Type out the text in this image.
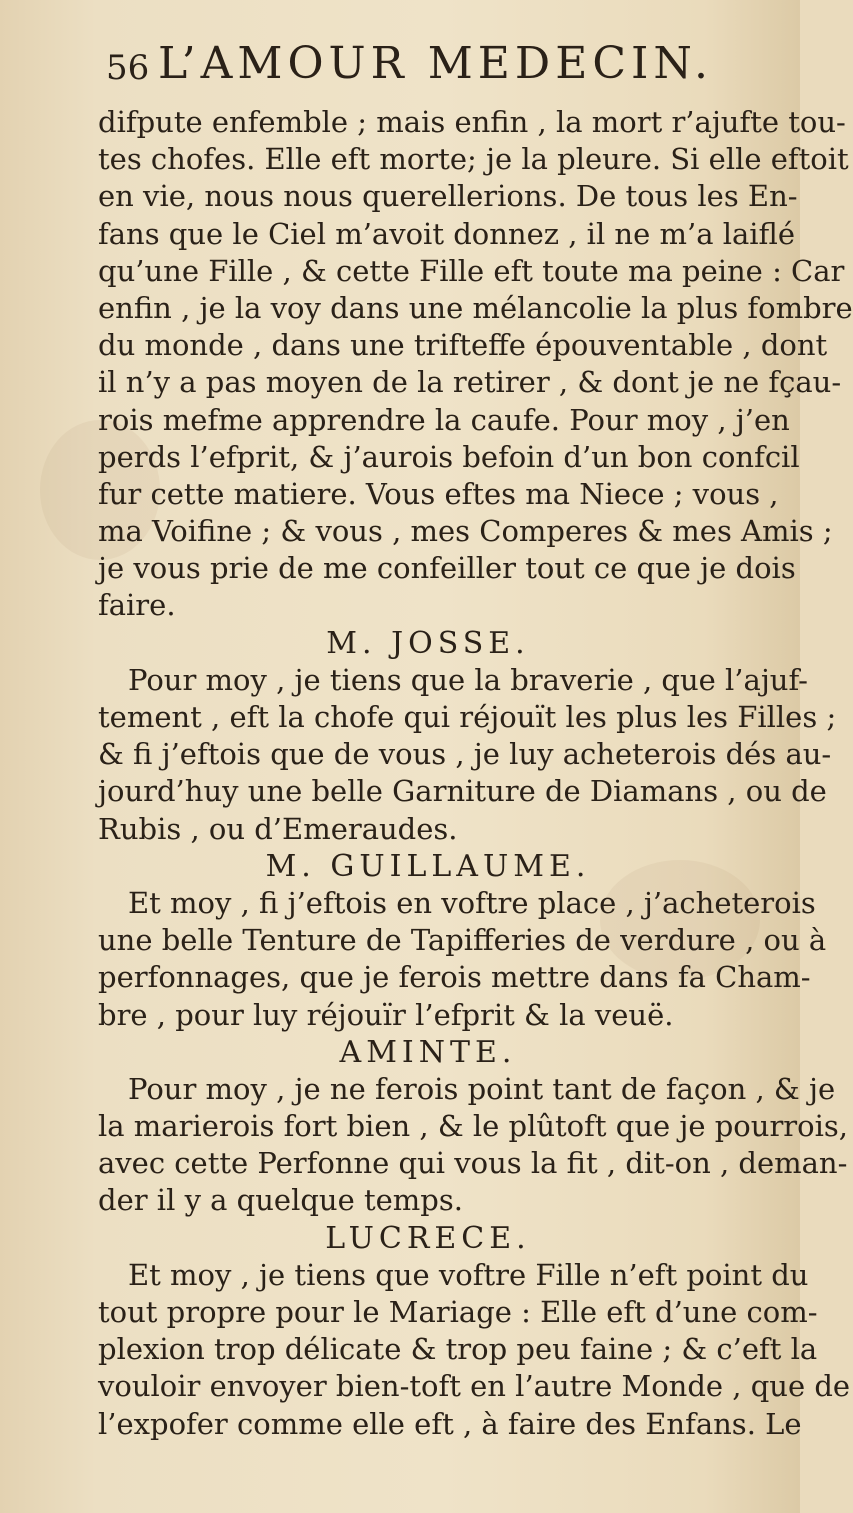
56 L’AMOUR MEDECIN.
difpute enfemble ; mais enfin , la mort r’ajufte tou-
tes chofes. Elle eft morte; je la pleure. Si elle eftoit
en vie, nous nous querellerions. De tous les En-
fans que le Ciel m’avoit donnez , il ne m’a laiflé
qu’une Fille , & cette Fille eft toute ma peine : Car
enfin , je la voy dans une mélancolie la plus fombre
du monde , dans une trifteffe épouventable , dont
il n’y a pas moyen de la retirer , & dont je ne fçau-
rois mefme apprendre la caufe. Pour moy , j’en
perds l’efprit, & j’aurois befoin d’un bon confcil
fur cette matiere. Vous eftes ma Niece ; vous ,
ma Voifine ; & vous , mes Comperes & mes Amis ;
je vous prie de me confeiller tout ce que je dois
faire.
M. JOSSE.
Pour moy , je tiens que la braverie , que l’ajuf-
tement , eft la chofe qui réjouït les plus les Filles ;
& fi j’eftois que de vous , je luy acheterois dés au-
jourd’huy une belle Garniture de Diamans , ou de
Rubis , ou d’Emeraudes.
M. GUILLAUME.
Et moy , fi j’eftois en voftre place , j’acheterois
une belle Tenture de Tapifferies de verdure , ou à
perfonnages, que je ferois mettre dans fa Cham-
bre , pour luy réjouïr l’efprit & la veuë.
AMINTE.
Pour moy , je ne ferois point tant de façon , & je
la marierois fort bien , & le plûtoft que je pourrois,
avec cette Perfonne qui vous la fit , dit-on , deman-
der il y a quelque temps.
LUCRECE.
Et moy , je tiens que voftre Fille n’eft point du
tout propre pour le Mariage : Elle eft d’une com-
plexion trop délicate & trop peu faine ; & c’eft la
vouloir envoyer bien-toft en l’autre Monde , que de
l’expofer comme elle eft , à faire des Enfans. Le
